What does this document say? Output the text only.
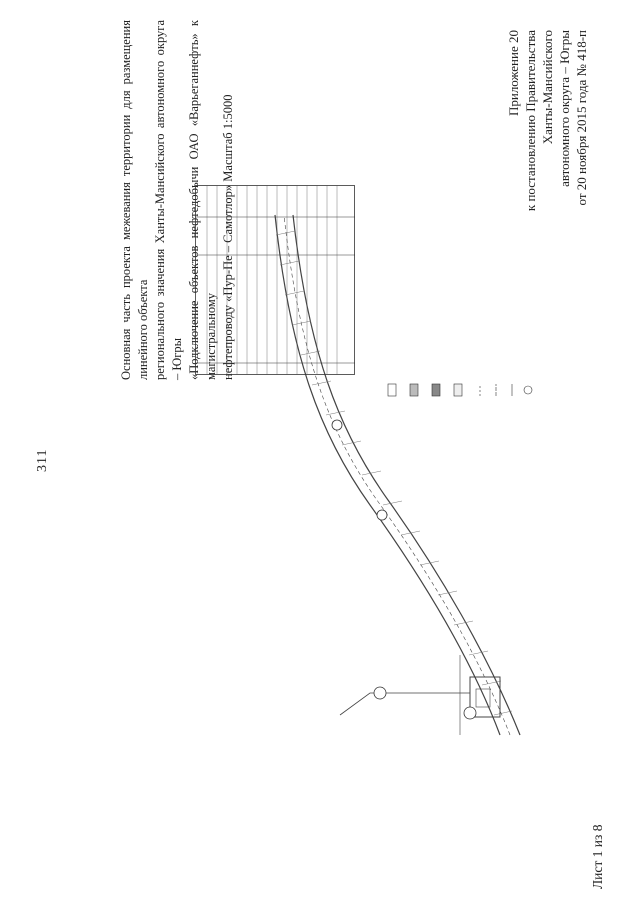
311
Основная часть проекта межевания территории для размещения линейного объекта регионального значения Ханты-Мансийского автономного округа – Югры «Подключение объектов нефтедобычи ОАО «Варьеганнефть» к магистральному нефтепроводу «Пур-Пе – Самотлор» Масштаб 1:5000
Приложение 20 к постановлению Правительства Ханты-Мансийского автономного округа – Югры от 20 ноября 2015 года № 418-п
Лист 1 из 8
